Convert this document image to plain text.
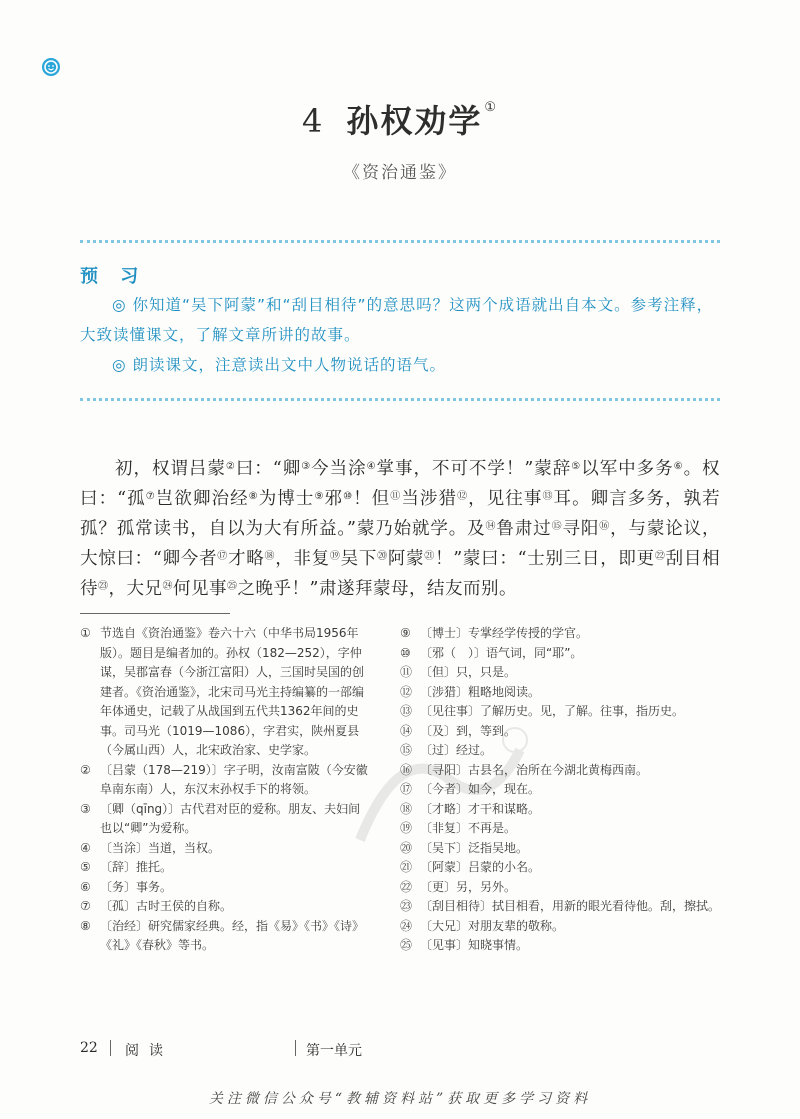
4 孙权劝学 ①
《资治通鉴》
预 习

◎ 你知道“吴下阿蒙”和“刮目相待”的意思吗？这两个成语就出自本文。参考注释，大致读懂课文，了解文章所讲的故事。

◎ 朗读课文，注意读出文中人物说话的语气。

初，权谓吕蒙②曰：“卿③今当涂④掌事，不可不学！”蒙辞⑤以军中多务⑥。权曰：“孤⑦岂欲卿治经⑧为博士⑨邪⑩！但⑪当涉猎⑫，见往事⑬耳。卿言多务，孰若孤？孤常读书，自以为大有所益。”蒙乃始就学。及⑭鲁肃过⑮寻阳⑯，与蒙论议，大惊曰：“卿今者⑰才略⑱，非复⑲吴下⑳阿蒙$^㉑$！”蒙曰：“士别三日，即更$^㉒$刮目相待$^㉓$，大兄$^㉔$何见事$^㉕$之晚乎！”肃遂拜蒙母，结友而别。
① 节选自《资治通鉴》卷六十六（中华书局1956年版）。题目是编者加的。孙权（182—252），字仲谋，吴郡富春（今浙江富阳）人，三国时吴国的创建者。《资治通鉴》，北宋司马光主持编纂的一部编年体通史，记载了从战国到五代共1362年间的史事。司马光（1019—1086），字君实，陕州夏县（今属山西）人，北宋政治家、史学家。
② 〔吕蒙（178—219）〕字子明，汝南富陂（今安徽阜南东南）人，东汉末孙权手下的将领。
③ 〔卿（qīng）〕古代君对臣的爱称。朋友、夫妇间也以“卿”为爱称。
④ 〔当涂〕当道，当权。
⑤ 〔辞〕推托。
⑥ 〔务〕事务。
⑦ 〔孤〕古时王侯的自称。
⑧ 〔治经〕研究儒家经典。经，指《易》《书》《诗》《礼》《春秋》等书。
⑨ 〔博士〕专掌经学传授的学官。
⑩ 〔邪（　）〕语气词，同“耶”。
⑪ 〔但〕只，只是。
⑫ 〔涉猎〕粗略地阅读。
⑬ 〔见往事〕了解历史。见，了解。往事，指历史。
⑭ 〔及〕到，等到。
⑮ 〔过〕经过。
⑯ 〔寻阳〕古县名，治所在今湖北黄梅西南。
⑰ 〔今者〕如今，现在。
⑱ 〔才略〕才干和谋略。
⑲ 〔非复〕不再是。
⑳ 〔吴下〕泛指吴地。
㉑ 〔阿蒙〕吕蒙的小名。
㉒ 〔更〕另，另外。
㉓ 〔刮目相待〕拭目相看，用新的眼光看待他。刮，擦拭。
㉔ 〔大兄〕对朋友辈的敬称。
㉕ 〔见事〕知晓事情。
22 阅读	第一单元
关注微信公众号“教辅资料站”获取更多学习资料
